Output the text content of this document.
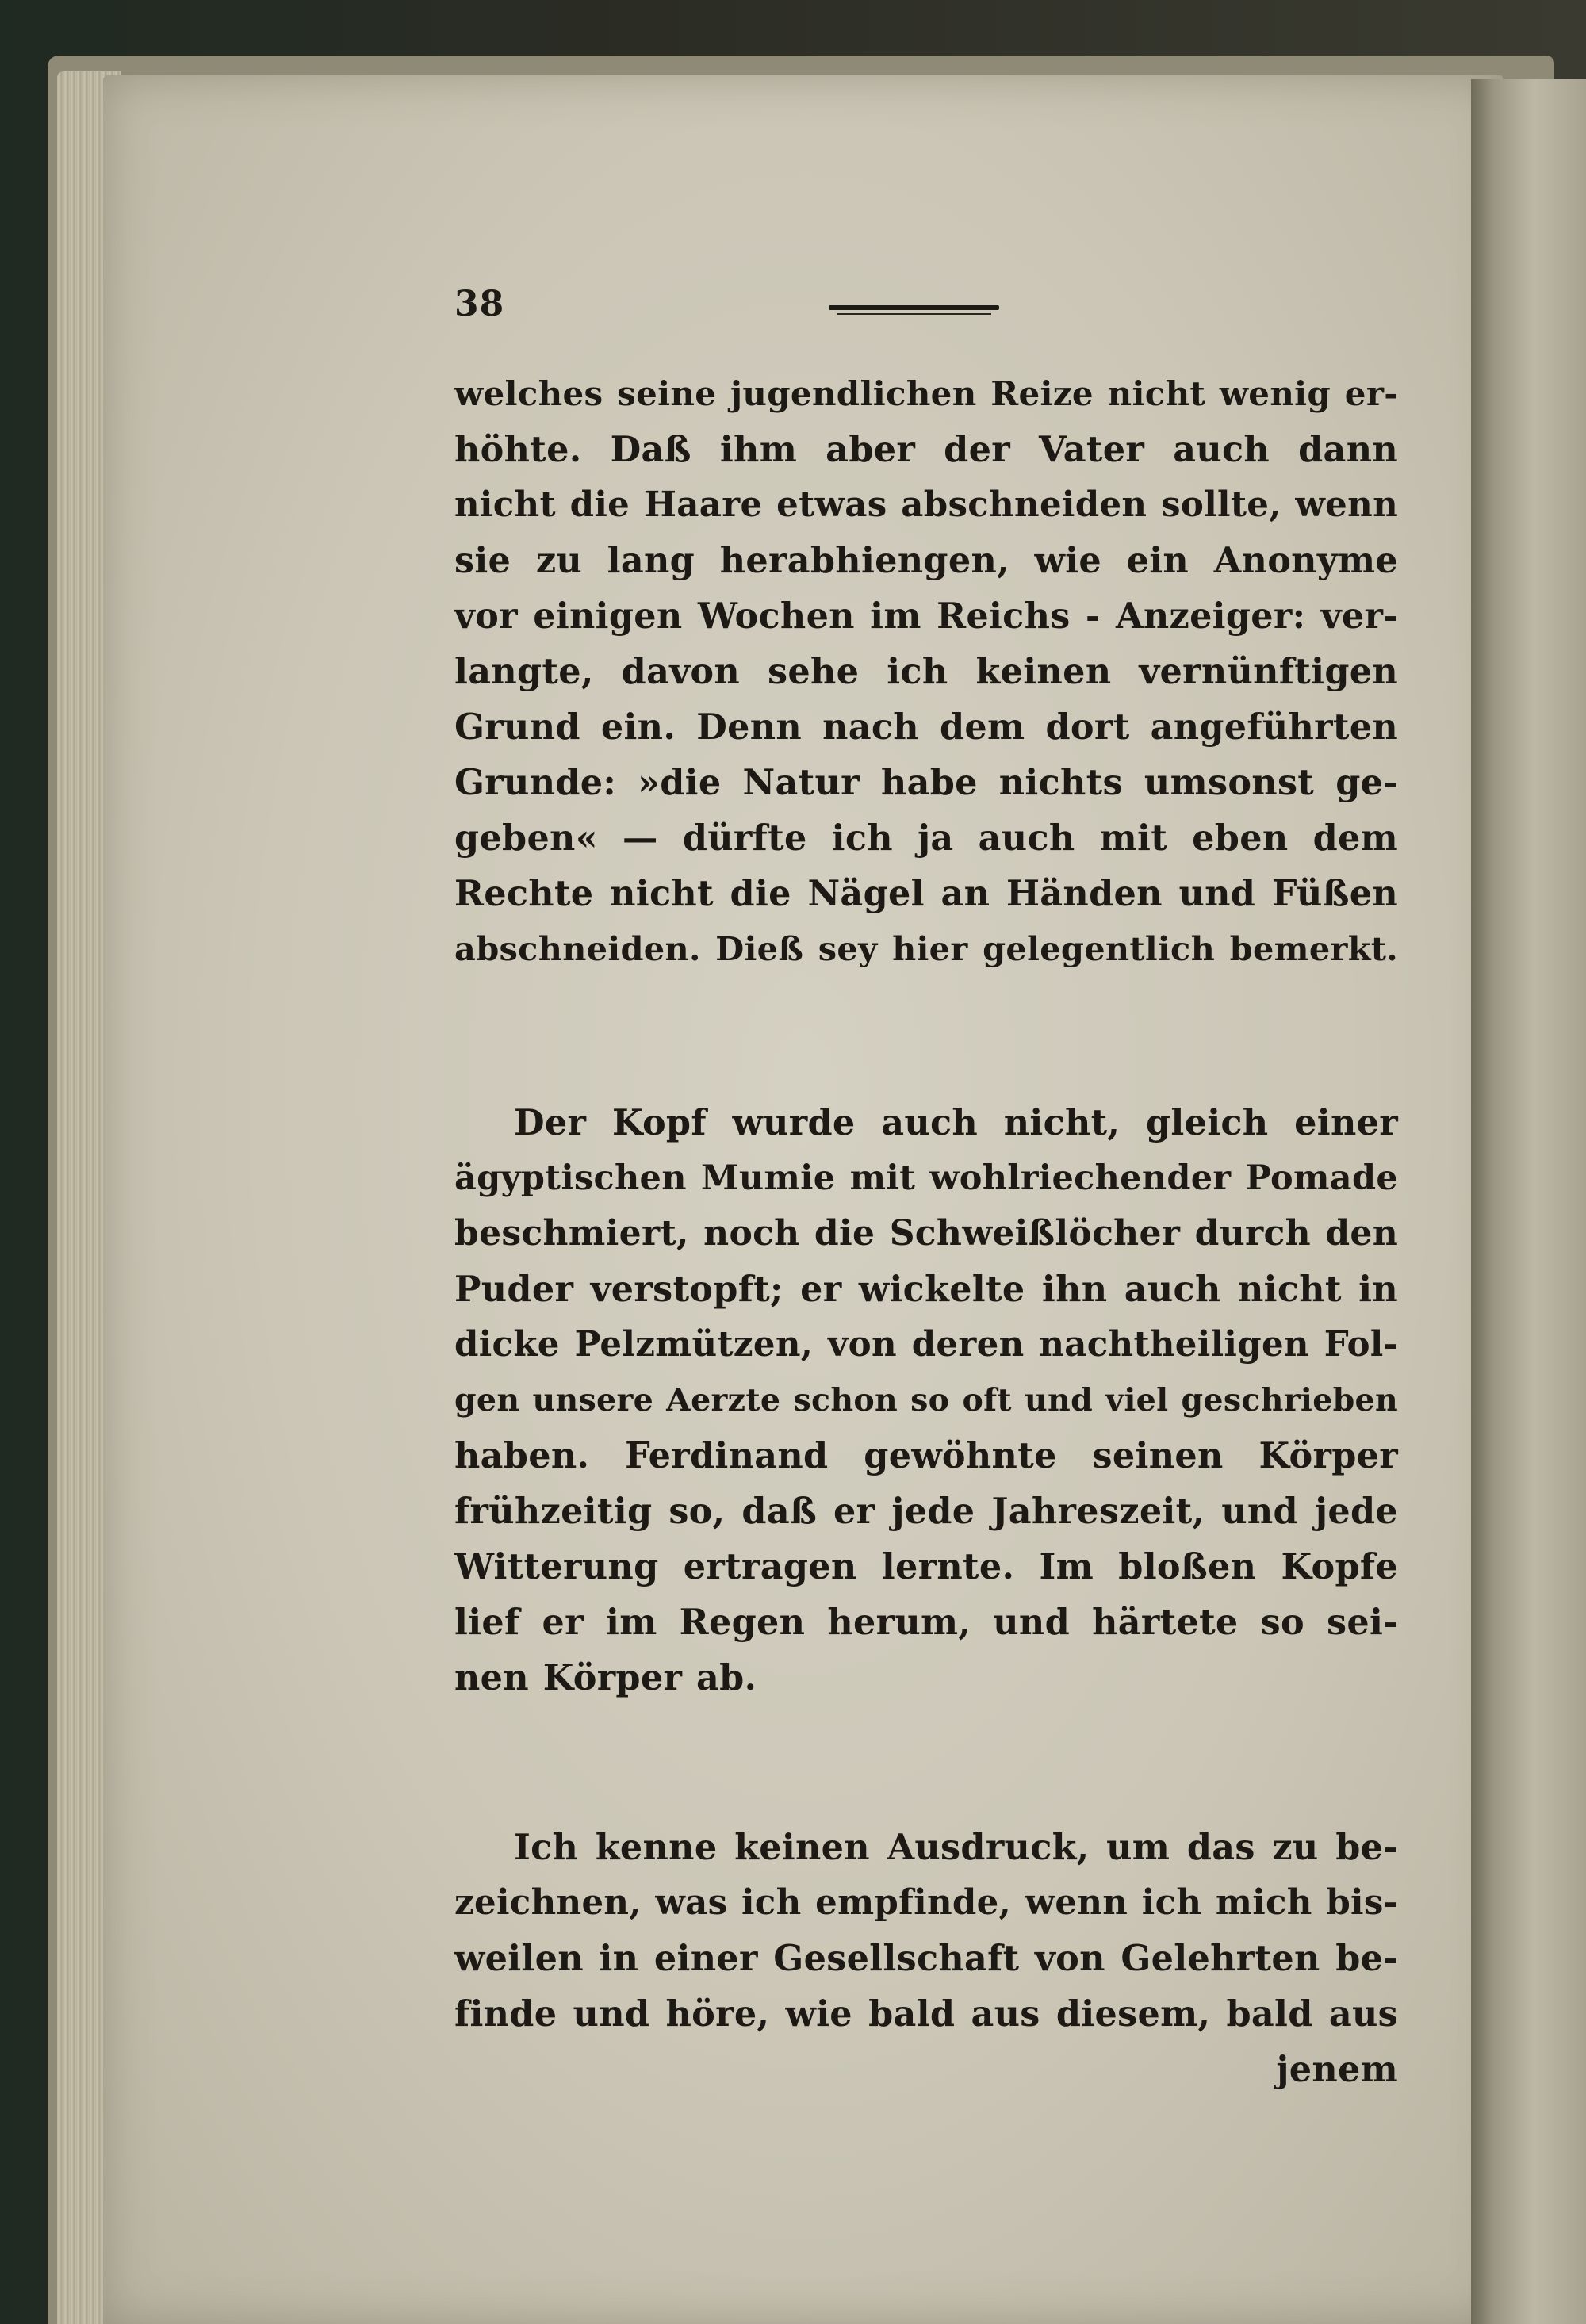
38
welches seine jugendlichen Reize nicht wenig er-
höhte. Daß ihm aber der Vater auch dann
nicht die Haare etwas abschneiden sollte, wenn
sie zu lang herabhiengen, wie ein Anonyme
vor einigen Wochen im Reichs - Anzeiger: ver-
langte, davon sehe ich keinen vernünftigen
Grund ein. Denn nach dem dort angeführten
Grunde: »die Natur habe nichts umsonst ge-
geben« — dürfte ich ja auch mit eben dem
Rechte nicht die Nägel an Händen und Füßen
abschneiden. Dieß sey hier gelegentlich bemerkt.
Der Kopf wurde auch nicht, gleich einer
ägyptischen Mumie mit wohlriechender Pomade
beschmiert, noch die Schweißlöcher durch den
Puder verstopft; er wickelte ihn auch nicht in
dicke Pelzmützen, von deren nachtheiligen Fol-
gen unsere Aerzte schon so oft und viel geschrieben
haben. Ferdinand gewöhnte seinen Körper
frühzeitig so, daß er jede Jahreszeit, und jede
Witterung ertragen lernte. Im bloßen Kopfe
lief er im Regen herum, und härtete so sei-
nen Körper ab.
Ich kenne keinen Ausdruck, um das zu be-
zeichnen, was ich empfinde, wenn ich mich bis-
weilen in einer Gesellschaft von Gelehrten be-
finde und höre, wie bald aus diesem, bald aus
jenem
